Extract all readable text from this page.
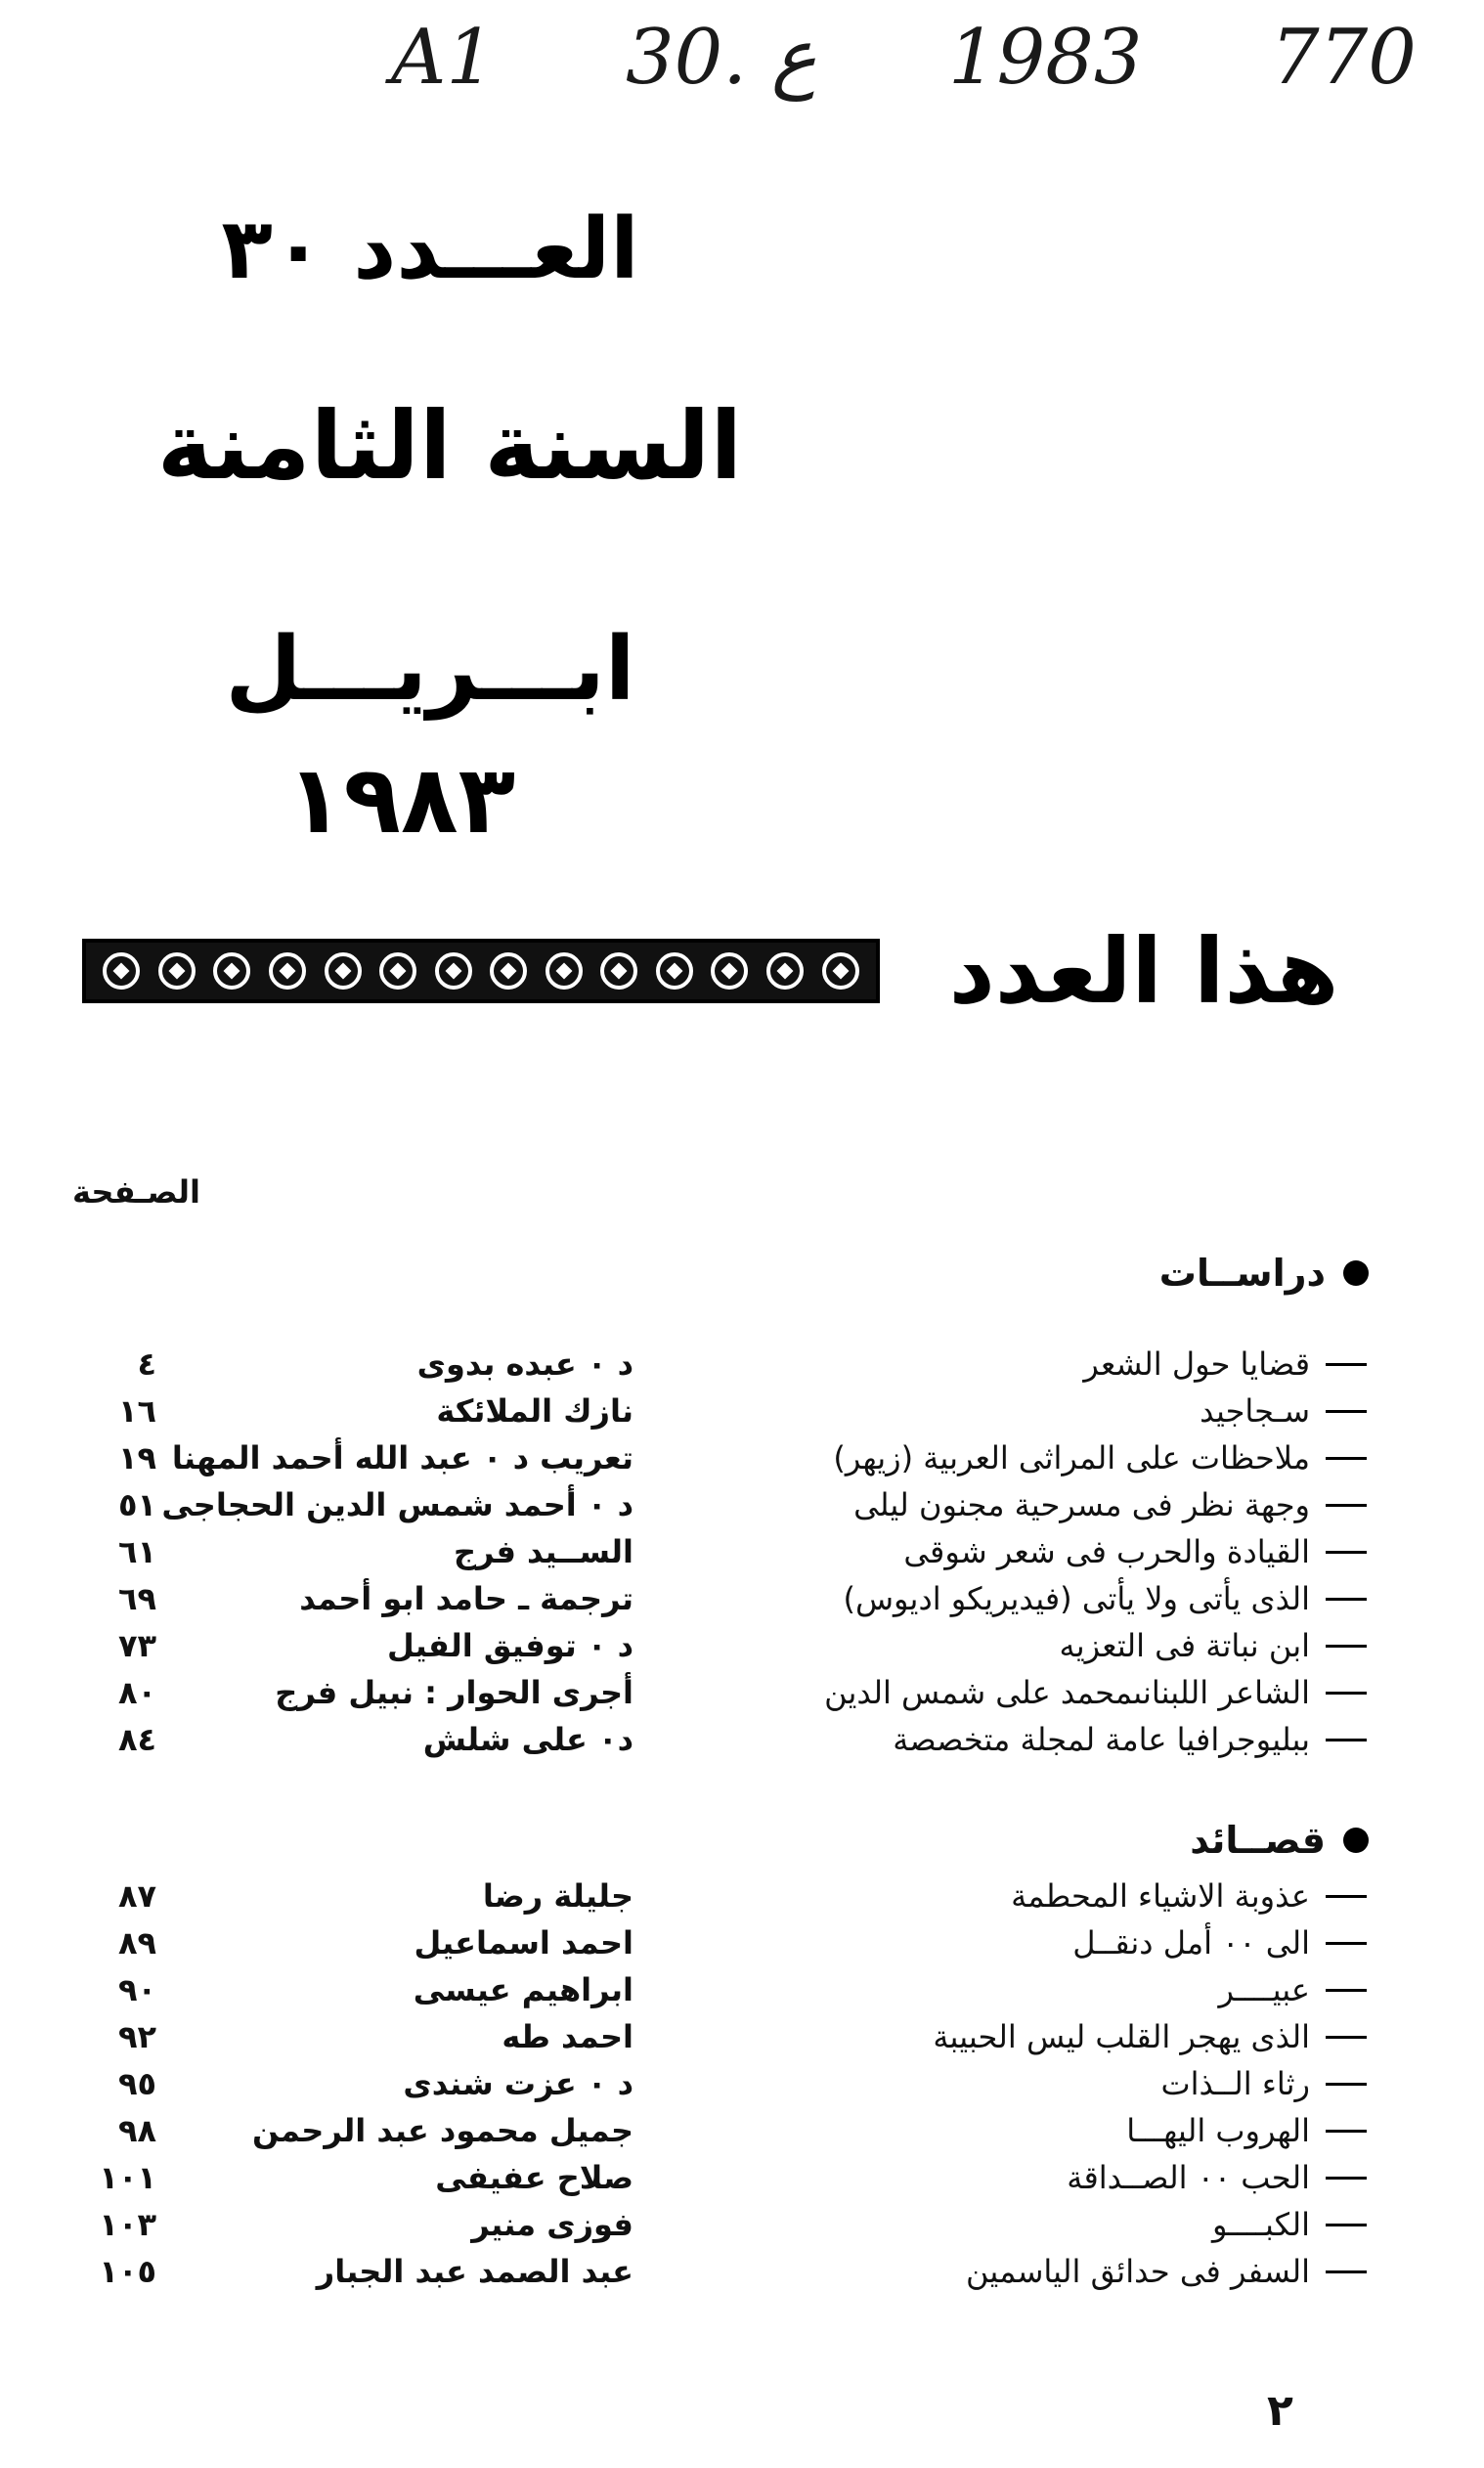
A1 30. ع 1983 770
العـــدد ٣٠
السنة الثامنة
ابـــريـــل
١٩٨٣
هذا العدد
الصـفحة
دراســات
قضايا حول الشعر
د ٠ عبده بدوى
٤
سـجاجيد
نازك الملائكة
١٦
ملاحظات على المراثى العربية (زيهر)
تعريب د ٠ عبد الله أحمد المهنا
١٩
وجهة نظر فى مسرحية مجنون ليلى
د ٠ أحمد شمس الدين الحجاجى
٥١
القيادة والحرب فى شعر شوقى
الســيد فرج
٦١
الذى يأتى ولا يأتى (فيديريكو اديوس)
ترجمة ـ حامد ابو أحمد
٦٩
ابن نباتة فى التعزيه
د ٠ توفيق الفيل
٧٣
الشاعر اللبنانىمحمد على شمس الدين
أجرى الحوار : نبيل فرج
٨٠
ببليوجرافيا عامة لمجلة متخصصة
د٠ على شلش
٨٤
قصــائد
عذوبة الاشياء المحطمة
جليلة رضا
٨٧
الى ٠٠ أمل دنقــل
احمد اسماعيل
٨٩
عبيــــر
ابراهيم عيسى
٩٠
الذى يهجر القلب ليس الحبيبة
احمد طه
٩٢
رثاء الــذات
د ٠ عزت شندى
٩٥
الهروب اليهـــا
جميل محمود عبد الرحمن
٩٨
الحب ٠٠ الصــداقة
صلاح عفيفى
١٠١
الكبــــو
فوزى منير
١٠٣
السفر فى حدائق الياسمين
عبد الصمد عبد الجبار
١٠٥
٢
